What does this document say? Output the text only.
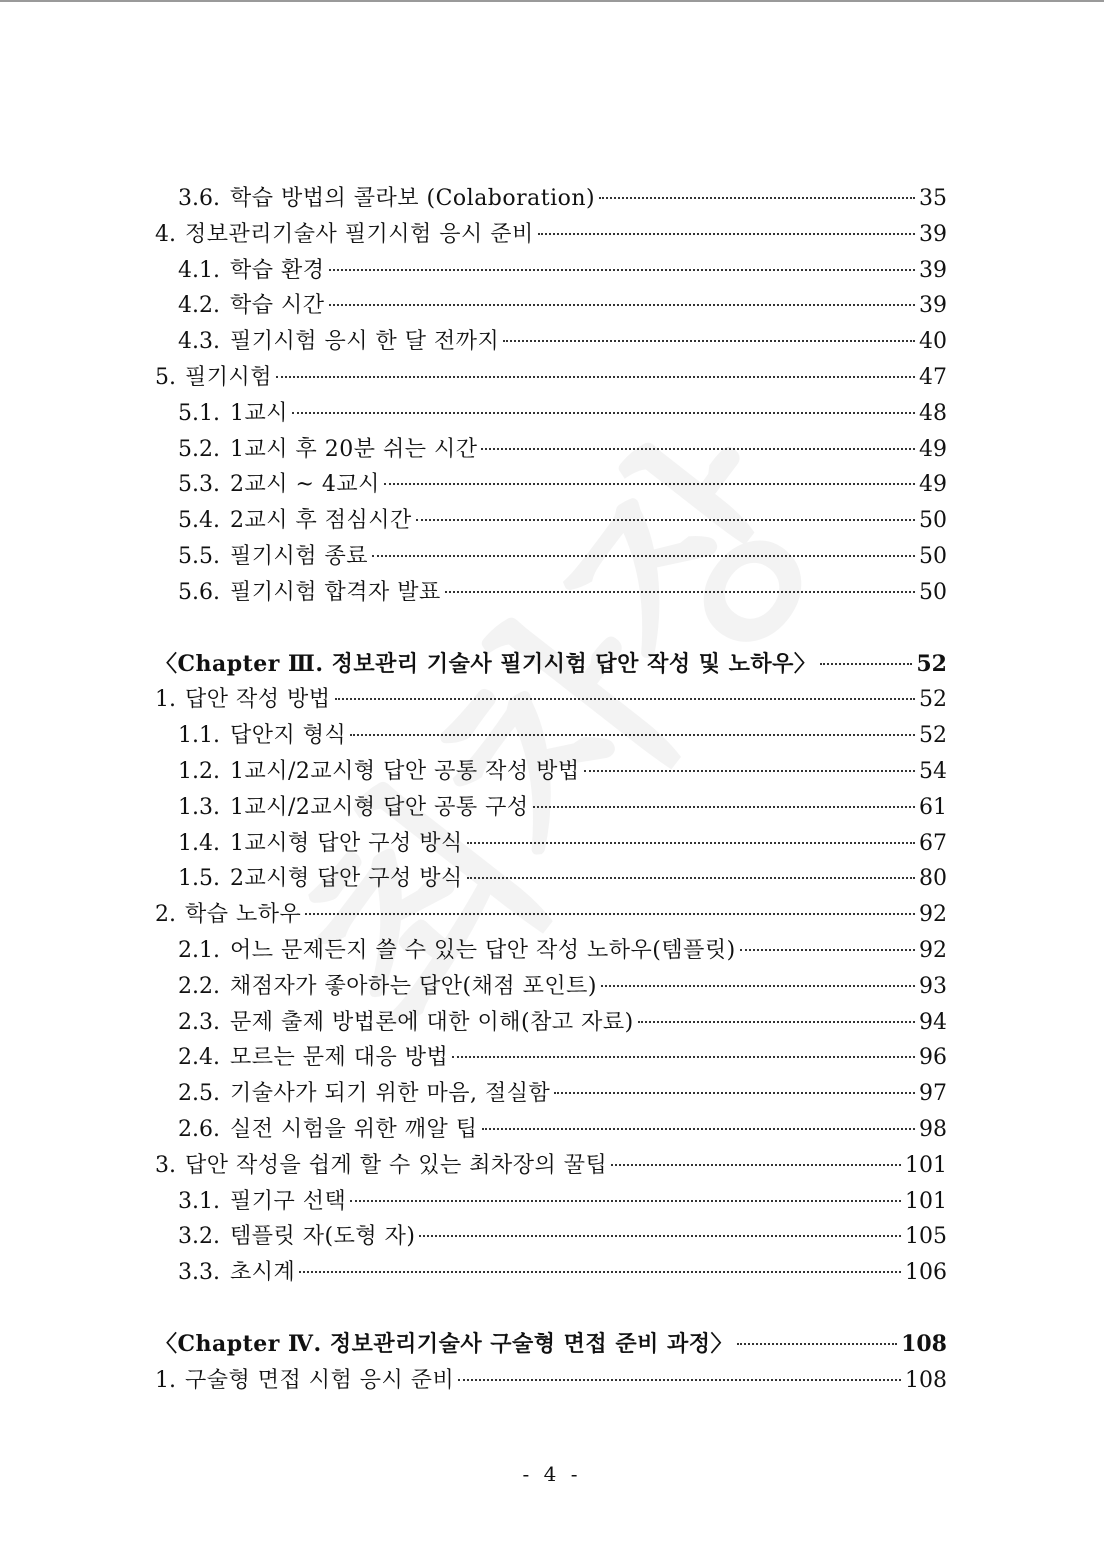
3.6. 학습 방법의 콜라보 (Colaboration)	35
4. 정보관리기술사 필기시험 응시 준비	39
4.1. 학습 환경	39
4.2. 학습 시간	39
4.3. 필기시험 응시 한 달 전까지	40
5. 필기시험	47
5.1. 1교시	48
5.2. 1교시 후 20분 쉬는 시간	49
5.3. 2교시 ~ 4교시	49
5.4. 2교시 후 점심시간	50
5.5. 필기시험 종료	50
5.6. 필기시험 합격자 발표	50
〈Chapter Ⅲ. 정보관리 기술사 필기시험 답안 작성 및 노하우〉	52
1. 답안 작성 방법	52
1.1. 답안지 형식	52
1.2. 1교시/2교시형 답안 공통 작성 방법	54
1.3. 1교시/2교시형 답안 공통 구성	61
1.4. 1교시형 답안 구성 방식	67
1.5. 2교시형 답안 구성 방식	80
2. 학습 노하우	92
2.1. 어느 문제든지 쓸 수 있는 답안 작성 노하우(템플릿)	92
2.2. 채점자가 좋아하는 답안(채점 포인트)	93
2.3. 문제 출제 방법론에 대한 이해(참고 자료)	94
2.4. 모르는 문제 대응 방법	96
2.5. 기술사가 되기 위한 마음, 절실함	97
2.6. 실전 시험을 위한 깨알 팁	98
3. 답안 작성을 쉽게 할 수 있는 최차장의 꿀팁	101
3.1. 필기구 선택	101
3.2. 템플릿 자(도형 자)	105
3.3. 초시계	106
〈Chapter Ⅳ. 정보관리기술사 구술형 면접 준비 과정〉	108
1. 구술형 면접 시험 응시 준비	108
- 4 -
